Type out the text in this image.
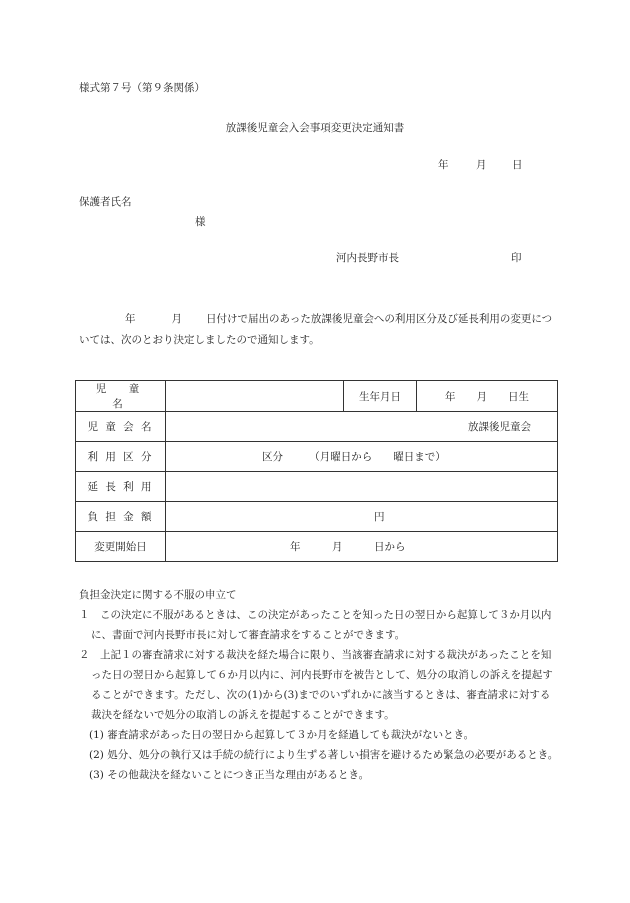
様式第７号（第９条関係）
放課後児童会入会事項変更決定通知書
年	月 日
保護者氏名
様
河内長野市長	印
年	月 日付けで届出のあった放課後児童会への利用区分及び延長利用の変更については、次のとおり決定しましたので通知します。
児　童　名		生年月日	年　　月　　日生
児 童 会 名	放課後児童会		
利 用 区 分	区分　　　（月曜日から　　曜日まで）		
延 長 利 用			
負 担 金 額	円		
変更開始日	年　　　月　　　日から		

負担金決定に関する不服の申立て

１　この決定に不服があるときは、この決定があったことを知った日の翌日から起算して３か月以内に、書面で河内長野市長に対して審査請求をすることができます。

２　上記１の審査請求に対する裁決を経た場合に限り、当該審査請求に対する裁決があったことを知った日の翌日から起算して６か月以内に、河内長野市を被告として、処分の取消しの訴えを提起することができます。ただし、次の(1)から(3)までのいずれかに該当するときは、審査請求に対する裁決を経ないで処分の取消しの訴えを提起することができます。

(1) 審査請求があった日の翌日から起算して３か月を経過しても裁決がないとき。

(2) 処分、処分の執行又は手続の続行により生ずる著しい損害を避けるため緊急の必要があるとき。

(3) その他裁決を経ないことにつき正当な理由があるとき。
